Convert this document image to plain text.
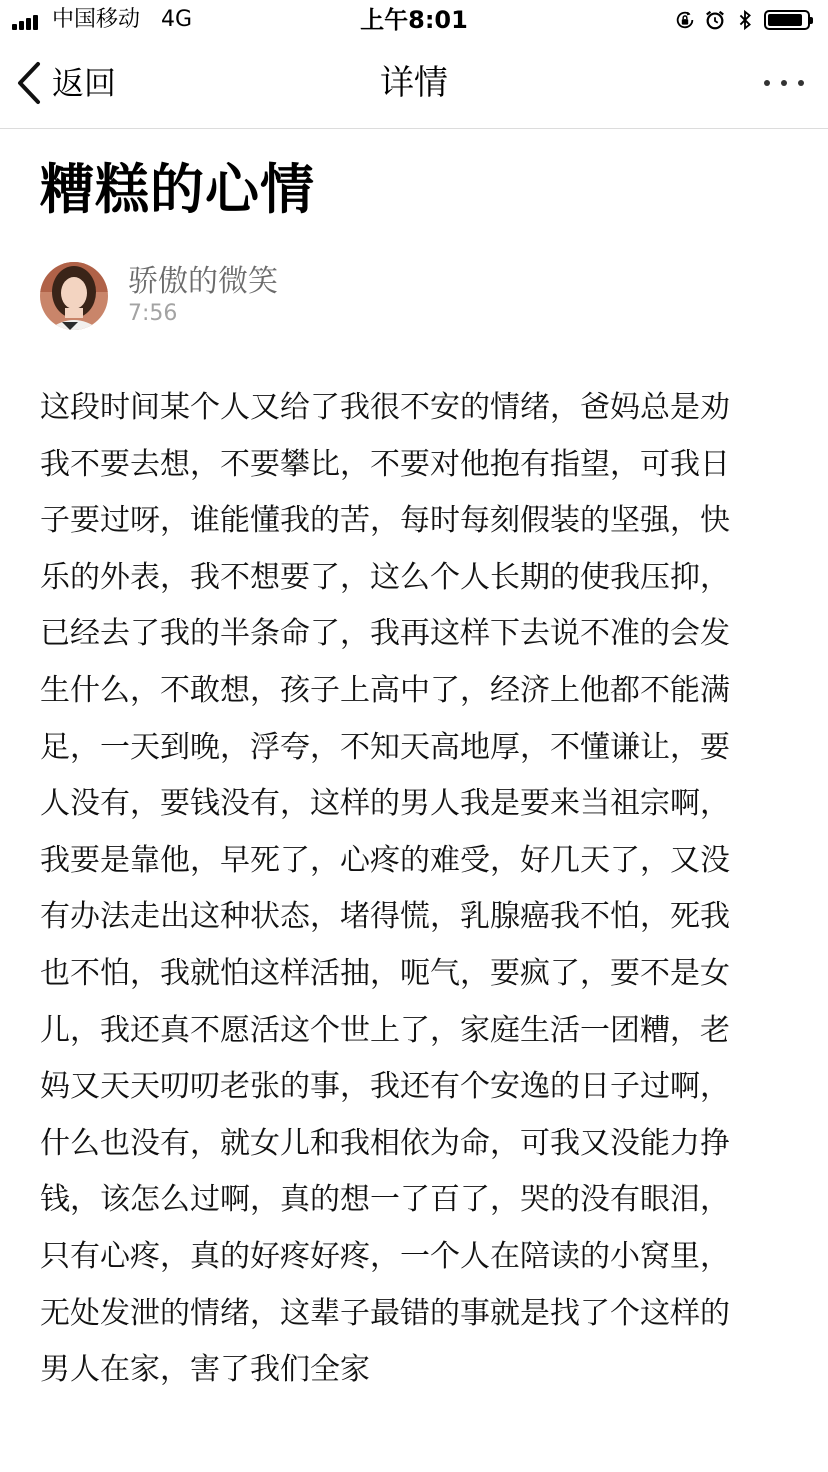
中国移动 4G	上午8:01
返回	详情
糟糕的心情
骄傲的微笑
7:56

这段时间某个人又给了我很不安的情绪，爸妈总是劝

我不要去想，不要攀比，不要对他抱有指望，可我日

子要过呀，谁能懂我的苦，每时每刻假装的坚强，快

乐的外表，我不想要了，这么个人长期的使我压抑，

已经去了我的半条命了，我再这样下去说不准的会发

生什么，不敢想，孩子上高中了，经济上他都不能满

足，一天到晚，浮夸，不知天高地厚，不懂谦让，要

人没有，要钱没有，这样的男人我是要来当祖宗啊，

我要是靠他，早死了，心疼的难受，好几天了，又没

有办法走出这种状态，堵得慌，乳腺癌我不怕，死我

也不怕，我就怕这样活抽，呃气，要疯了，要不是女

儿，我还真不愿活这个世上了，家庭生活一团糟，老

妈又天天叨叨老张的事，我还有个安逸的日子过啊，

什么也没有，就女儿和我相依为命，可我又没能力挣

钱，该怎么过啊，真的想一了百了，哭的没有眼泪，

只有心疼，真的好疼好疼，一个人在陪读的小窝里，

无处发泄的情绪，这辈子最错的事就是找了个这样的

男人在家，害了我们全家
